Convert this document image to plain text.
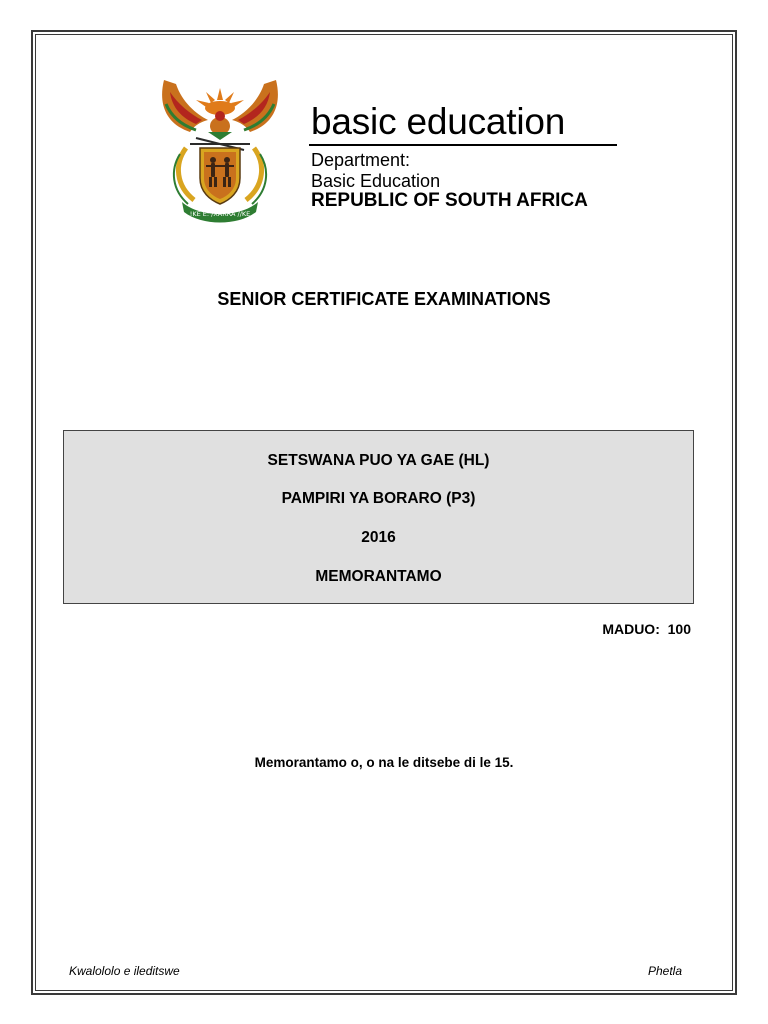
!KE E: /XARRA //KE
basic education
Department:
Basic Education
REPUBLIC OF SOUTH AFRICA
SENIOR CERTIFICATE EXAMINATIONS
SETSWANA PUO YA GAE (HL)
PAMPIRI YA BORARO (P3)
2016
MEMORANTAMO
MADUO:  100
Memorantamo o, o na le ditsebe di le 15.
Kwalololo e ileditswe	Phetla
